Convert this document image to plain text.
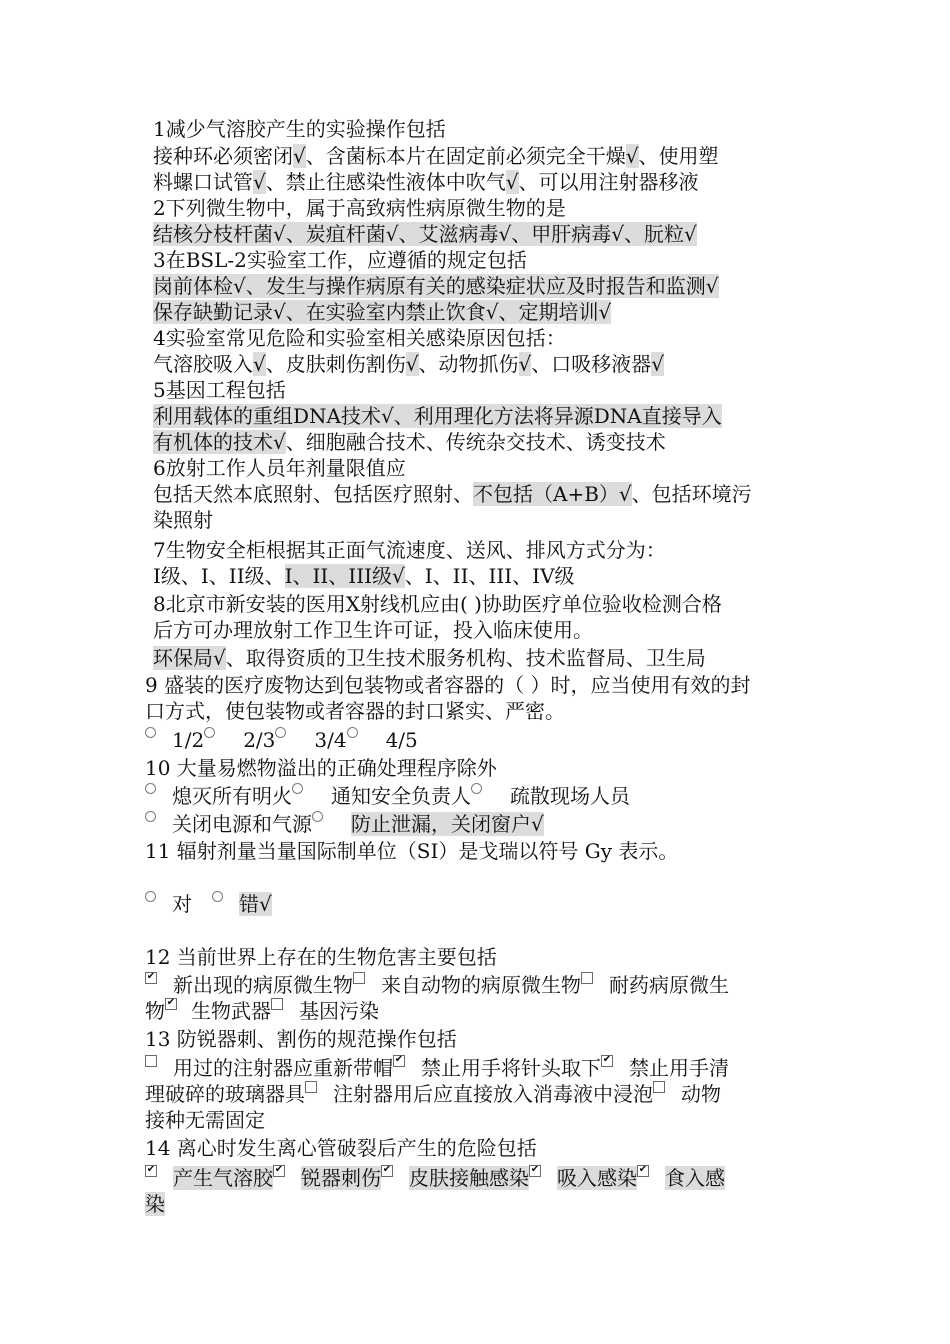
1减少气溶胶产生的实验操作包括
接种环必须密闭√、含菌标本片在固定前必须完全干燥√、使用塑
料螺口试管√、禁止往感染性液体中吹气√、可以用注射器移液
2下列微生物中，属于高致病性病原微生物的是
结核分枝杆菌√、炭疽杆菌√、艾滋病毒√、甲肝病毒√、朊粒√
3在BSL-2实验室工作，应遵循的规定包括
岗前体检√、发生与操作病原有关的感染症状应及时报告和监测√
保存缺勤记录√、在实验室内禁止饮食√、定期培训√
4实验室常见危险和实验室相关感染原因包括：
气溶胶吸入√、皮肤刺伤割伤√、动物抓伤√、口吸移液器√
5基因工程包括
利用载体的重组DNA技术√、利用理化方法将异源DNA直接导入
有机体的技术√、细胞融合技术、传统杂交技术、诱变技术
6放射工作人员年剂量限值应
包括天然本底照射、包括医疗照射、不包括（A+B）√、包括环境污
染照射
7生物安全柜根据其正面气流速度、送风、排风方式分为：
I级、I、II级、I、II、III级√、I、II、III、IV级
8北京市新安装的医用X射线机应由( )协助医疗单位验收检测合格
后方可办理放射工作卫生许可证，投入临床使用。
环保局√、取得资质的卫生技术服务机构、技术监督局、卫生局
9 盛装的医疗废物达到包装物或者容器的（ ）时，应当使用有效的封
口方式，使包装物或者容器的封口紧实、严密。
1/2 2/3 3/4 4/5
10 大量易燃物溢出的正确处理程序除外
熄灭所有明火 通知安全负责人 疏散现场人员
关闭电源和气源 防止泄漏，关闭窗户√
11 辐射剂量当量国际制单位（SI）是戈瑞以符号 Gy 表示。
对 错√
12 当前世界上存在的生物危害主要包括
✔新出现的病原微生物 来自动物的病原微生物 耐药病原微生
物 ✔ 生物武器 基因污染
13 防锐器刺、割伤的规范操作包括
用过的注射器应重新带帽 ✔ 禁止用手将针头取下 ✔ 禁止用手清
理破碎的玻璃器具 注射器用后应直接放入消毒液中浸泡 动物
接种无需固定
14 离心时发生离心管破裂后产生的危险包括
✔产生气溶胶 ✔ 锐器刺伤 ✔ 皮肤接触感染 ✔ 吸入感染 ✔ 食入感
染
